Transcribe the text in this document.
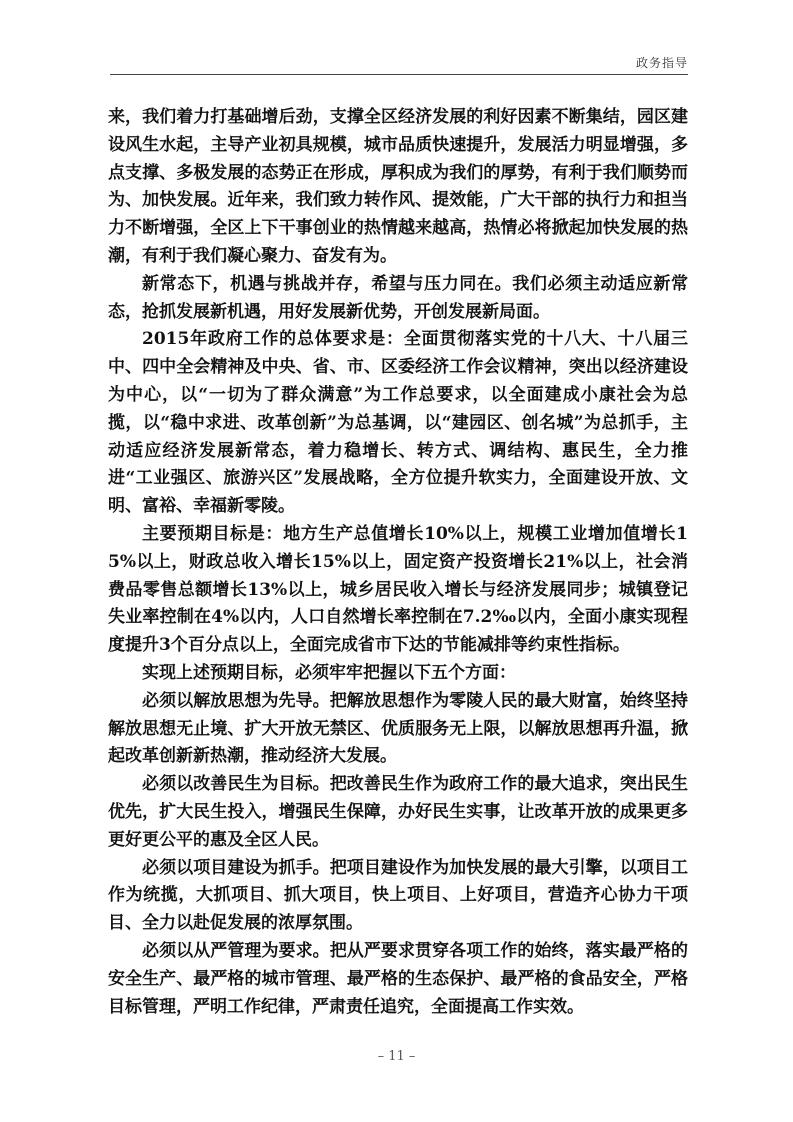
政务指导

来，我们着力打基础增后劲，支撑全区经济发展的利好因素不断集结，园区建设风生水起，主导产业初具规模，城市品质快速提升，发展活力明显增强，多点支撑、多极发展的态势正在形成，厚积成为我们的厚势，有利于我们顺势而为、加快发展。近年来，我们致力转作风、提效能，广大干部的执行力和担当力不断增强，全区上下干事创业的热情越来越高，热情必将掀起加快发展的热潮，有利于我们凝心聚力、奋发有为。

新常态下，机遇与挑战并存，希望与压力同在。我们必须主动适应新常态，抢抓发展新机遇，用好发展新优势，开创发展新局面。

2015年政府工作的总体要求是：全面贯彻落实党的十八大、十八届三中、四中全会精神及中央、省、市、区委经济工作会议精神，突出以经济建设为中心，以“一切为了群众满意”为工作总要求，以全面建成小康社会为总揽，以“稳中求进、改革创新”为总基调，以“建园区、创名城”为总抓手，主动适应经济发展新常态，着力稳增长、转方式、调结构、惠民生，全力推进“工业强区、旅游兴区”发展战略，全方位提升软实力，全面建设开放、文明、富裕、幸福新零陵。

主要预期目标是：地方生产总值增长10%以上，规模工业增加值增长15%以上，财政总收入增长15%以上，固定资产投资增长21%以上，社会消费品零售总额增长13%以上，城乡居民收入增长与经济发展同步；城镇登记失业率控制在4%以内，人口自然增长率控制在7.2‰以内，全面小康实现程度提升3个百分点以上，全面完成省市下达的节能减排等约束性指标。

实现上述预期目标，必须牢牢把握以下五个方面：

必须以解放思想为先导。把解放思想作为零陵人民的最大财富，始终坚持解放思想无止境、扩大开放无禁区、优质服务无上限，以解放思想再升温，掀起改革创新新热潮，推动经济大发展。

必须以改善民生为目标。把改善民生作为政府工作的最大追求，突出民生优先，扩大民生投入，增强民生保障，办好民生实事，让改革开放的成果更多更好更公平的惠及全区人民。

必须以项目建设为抓手。把项目建设作为加快发展的最大引擎，以项目工作为统揽，大抓项目、抓大项目，快上项目、上好项目，营造齐心协力干项目、全力以赴促发展的浓厚氛围。

必须以从严管理为要求。把从严要求贯穿各项工作的始终，落实最严格的安全生产、最严格的城市管理、最严格的生态保护、最严格的食品安全，严格目标管理，严明工作纪律，严肃责任追究，全面提高工作实效。

– 11 –
